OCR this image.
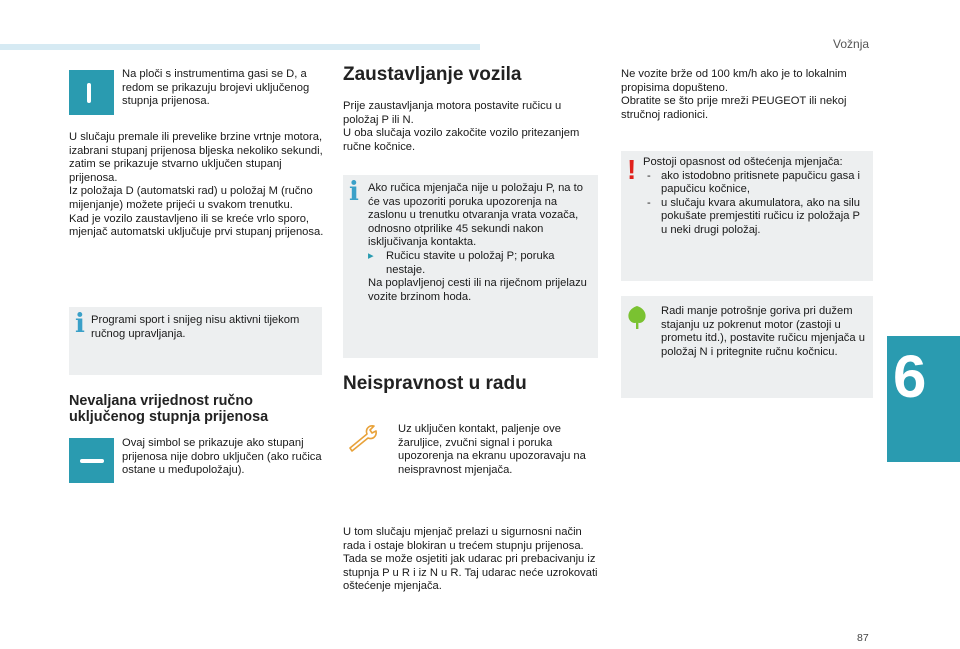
Vožnja
6
87

Na ploči s instrumentima gasi se D, a redom se prikazuju brojevi uključenog stupnja prijenosa.

U slučaju premale ili prevelike brzine vrtnje motora, izabrani stupanj prijenosa bljeska nekoliko sekundi, zatim se prikazuje stvarno uključen stupanj prijenosa.
Iz položaja D (automatski rad) u položaj M (ručno mijenjanje) možete prijeći u svakom trenutku.
Kad je vozilo zaustavljeno ili se kreće vrlo sporo, mjenjač automatski uključuje prvi stupanj prijenosa.

i Programi sport i snijeg nisu aktivni tijekom ručnog upravljanja.

Nevaljana vrijednost ručno uključenog stupnja prijenosa

Ovaj simbol se prikazuje ako stupanj prijenosa nije dobro uključen (ako ručica ostane u međupoložaju).

Zaustavljanje vozila

Prije zaustavljanja motora postavite ručicu u položaj P ili N.
U oba slučaja vozilo zakočite vozilo pritezanjem ručne kočnice.

i Ako ručica mjenjača nije u položaju P, na to će vas upozoriti poruka upozorenja na zaslonu u trenutku otvaranja vrata vozača, odnosno otprilike 45 sekundi nakon isključivanja kontakta.

▸ Ručicu stavite u položaj P; poruka nestaje.

Na poplavljenoj cesti ili na riječnom prijelazu vozite brzinom hoda.

Neispravnost u radu

Uz uključen kontakt, paljenje ove žaruljice, zvučni signal i poruka upozorenja na ekranu upozoravaju na neispravnost mjenjača.

U tom slučaju mjenjač prelazi u sigurnosni način rada i ostaje blokiran u trećem stupnju prijenosa. Tada se može osjetiti jak udarac pri prebacivanju iz stupnja P u R i iz N u R. Taj udarac neće uzrokovati oštećenje mjenjača.

Ne vozite brže od 100 km/h ako je to lokalnim propisima dopušteno.
Obratite se što prije mreži PEUGEOT ili nekoj stručnoj radionici.

! Postoji opasnost od oštećenja mjenjača:

- ako istodobno pritisnete papučicu gasa i papučicu kočnice,
- u slučaju kvara akumulatora, ako na silu pokušate premjestiti ručicu iz položaja P u neki drugi položaj.

Radi manje potrošnje goriva pri dužem stajanju uz pokrenut motor (zastoji u prometu itd.), postavite ručicu mjenjača u položaj N i pritegnite ručnu kočnicu.
